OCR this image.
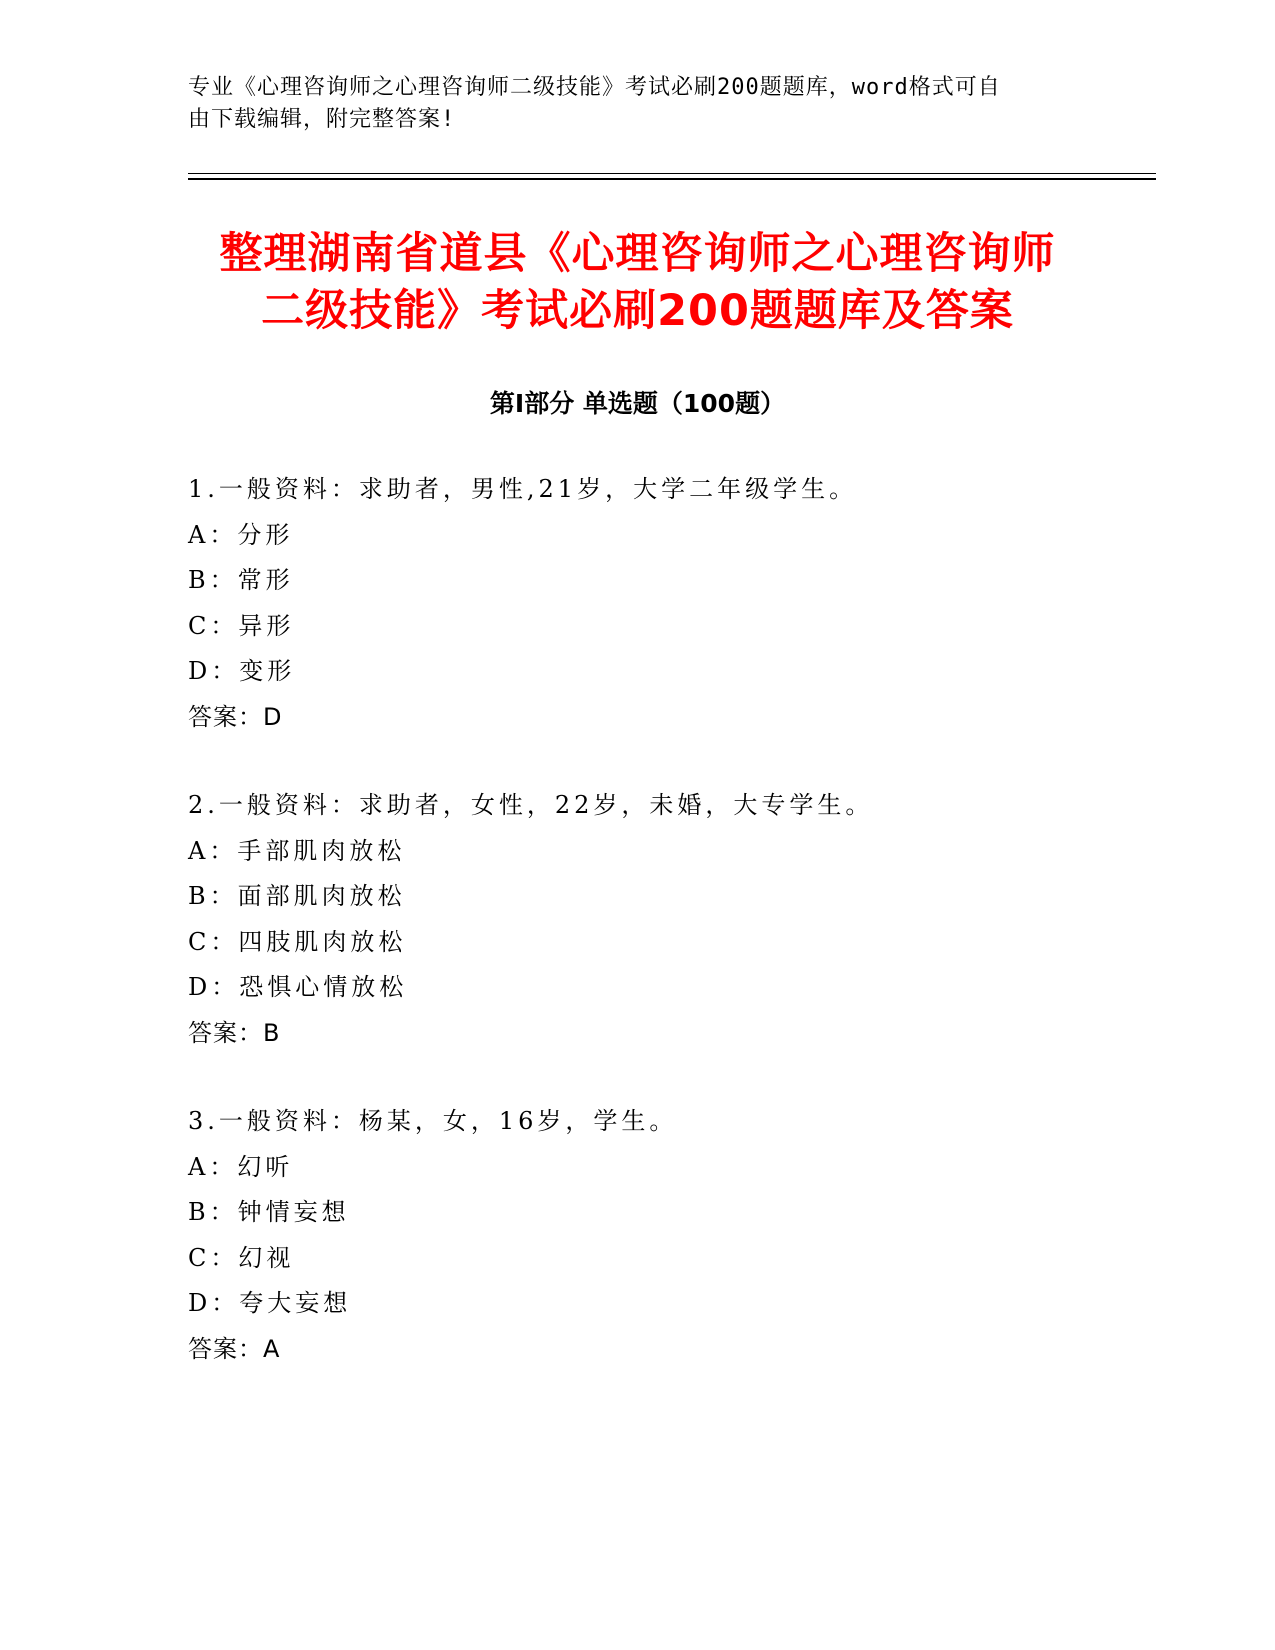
专业《心理咨询师之心理咨询师二级技能》考试必刷200题题库，word格式可自
由下载编辑，附完整答案!
整理湖南省道县《心理咨询师之心理咨询师
二级技能》考试必刷200题题库及答案
第Ⅰ部分 单选题（100题）
1.一般资料：求助者，男性,21岁，大学二年级学生。
A：分形
B：常形
C：异形
D：变形
答案：D
2.一般资料：求助者，女性，22岁，未婚，大专学生。
A：手部肌肉放松
B：面部肌肉放松
C：四肢肌肉放松
D：恐惧心情放松
答案：B
3.一般资料：杨某，女，16岁，学生。
A：幻听
B：钟情妄想
C：幻视
D：夸大妄想
答案：A
